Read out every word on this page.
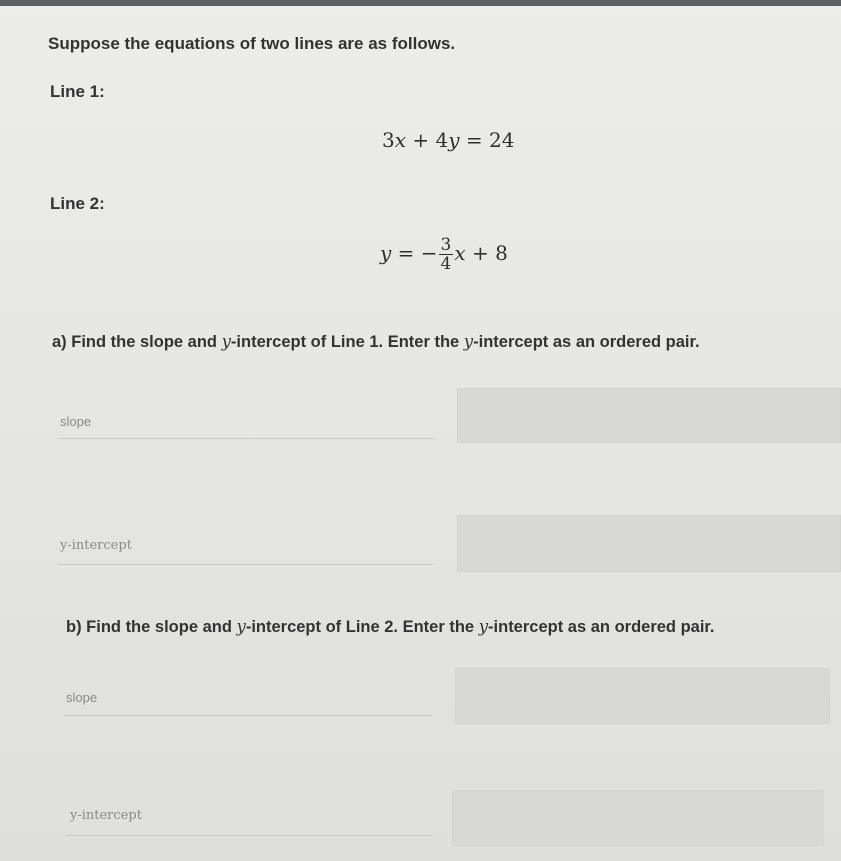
Suppose the equations of two lines are as follows.
Line 1:
3x + 4y = 24
Line 2:
y = − $\frac{3}{4}$ x + 8
a) Find the slope and y-intercept of Line 1. Enter the y-intercept as an ordered pair.
slope
y-intercept
b) Find the slope and y-intercept of Line 2. Enter the y-intercept as an ordered pair.
slope
y-intercept
